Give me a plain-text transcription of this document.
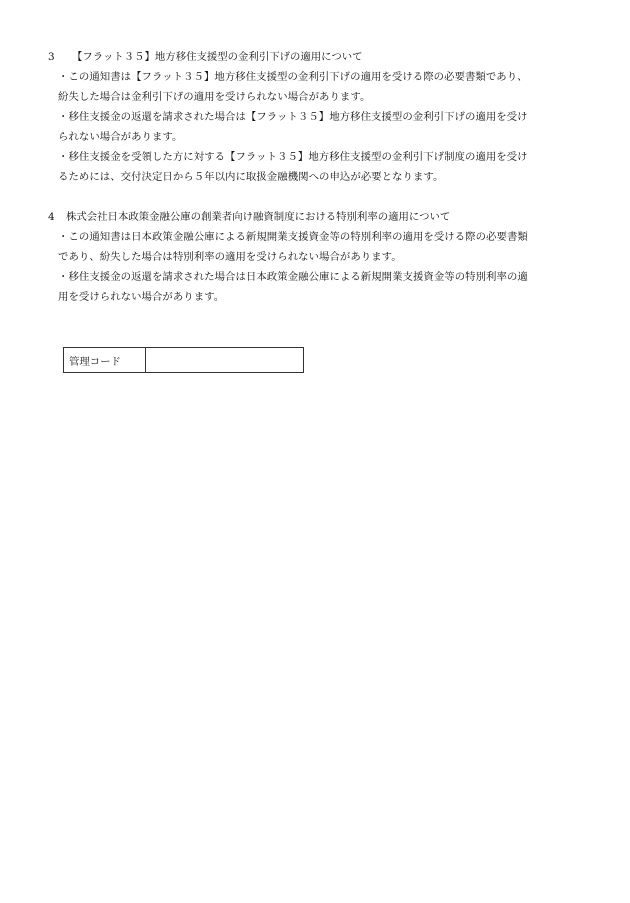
3	【フラット３５】地方移住支援型の金利引下げの適用について

・この通知書は【フラット３５】地方移住支援型の金利引下げの適用を受ける際の必要書類であり、
紛失した場合は金利引下げの適用を受けられない場合があります。

・移住支援金の返還を請求された場合は【フラット３５】地方移住支援型の金利引下げの適用を受け
られない場合があります。

・移住支援金を受領した方に対する【フラット３５】地方移住支援型の金利引下げ制度の適用を受け
るためには、交付決定日から５年以内に取扱金融機関への申込が必要となります。

4	株式会社日本政策金融公庫の創業者向け融資制度における特別利率の適用について

・この通知書は日本政策金融公庫による新規開業支援資金等の特別利率の適用を受ける際の必要書類
であり、紛失した場合は特別利率の適用を受けられない場合があります。

・移住支援金の返還を請求された場合は日本政策金融公庫による新規開業支援資金等の特別利率の適
用を受けられない場合があります。

管理コード	
